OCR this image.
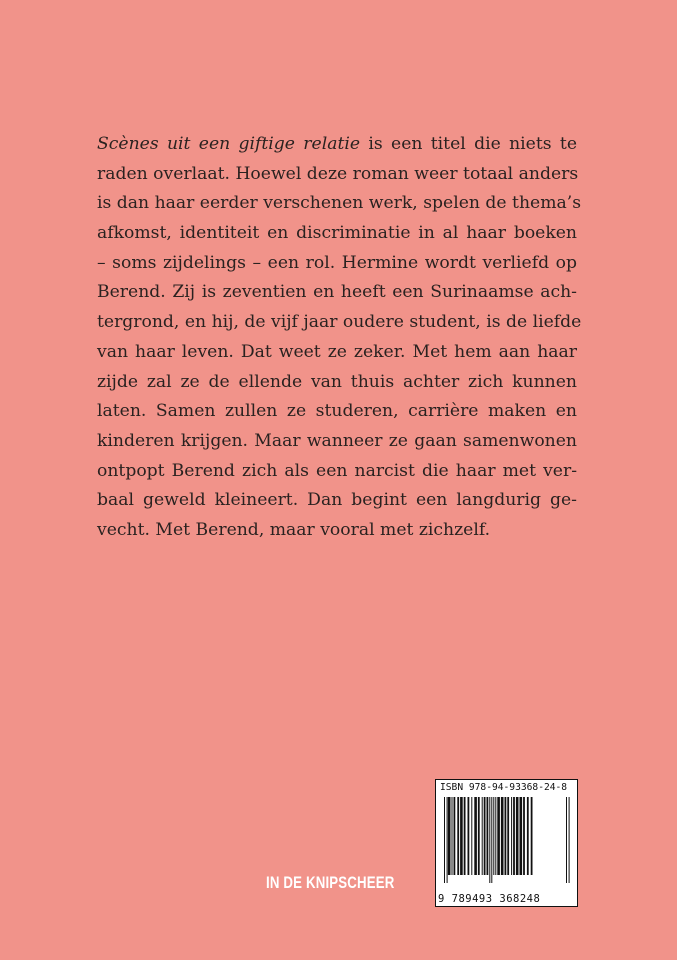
Scènes uit een giftige relatie is een titel die niets te
raden overlaat. Hoewel deze roman weer totaal anders
is dan haar eerder verschenen werk, spelen de thema’s
afkomst, identiteit en discriminatie in al haar boeken
– soms zijdelings – een rol. Hermine wordt verliefd op
Berend. Zij is zeventien en heeft een Surinaamse ach-
tergrond, en hij, de vijf jaar oudere student, is de liefde
van haar leven. Dat weet ze zeker. Met hem aan haar
zijde zal ze de ellende van thuis achter zich kunnen
laten. Samen zullen ze studeren, carrière maken en
kinderen krijgen. Maar wanneer ze gaan samenwonen
ontpopt Berend zich als een narcist die haar met ver-
baal geweld kleineert. Dan begint een langdurig ge-
vecht. Met Berend, maar vooral met zichzelf.
IN DE KNIPSCHEER
ISBN 978-94-93368-24-8
9 789493 368248
